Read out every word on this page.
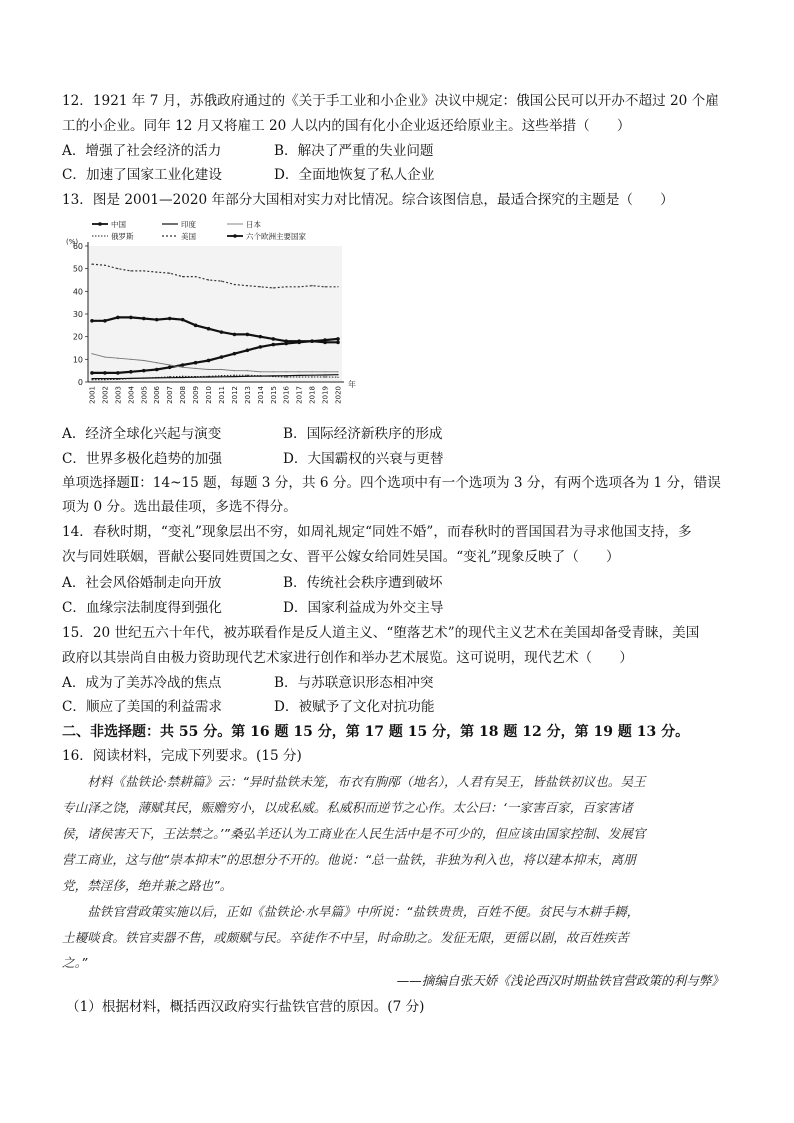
12．1921 年 7 月，苏俄政府通过的《关于手工业和小企业》决议中规定：俄国公民可以开办不超过 20 个雇
工的小企业。同年 12 月又将雇工 20 人以内的国有化小企业返还给原业主。这些举措（　　）
A．增强了社会经济的活力	B．解决了严重的失业问题
C．加速了国家工业化建设	D．全面地恢复了私人企业
13．图是 2001—2020 年部分大国相对实力对比情况。综合该图信息，最适合探究的主题是（　　）
中国	印度	日本
俄罗斯	美国	六个欧洲主要国家
0
10
20
30
40
50
60
(%)
2001 2002 2003 2004 2005 2006 2007 2008 2009 2010 2011 2012 2013 2014 2015 2016 2017 2018 2019 2020
年
A．经济全球化兴起与演变	B．国际经济新秩序的形成
C．世界多极化趋势的加强	D．大国霸权的兴衰与更替
单项选择题Ⅱ：14~15 题，每题 3 分，共 6 分。四个选项中有一个选项为 3 分，有两个选项各为 1 分，错误
项为 0 分。选出最佳项，多选不得分。
14．春秋时期，“变礼”现象层出不穷，如周礼规定“同姓不婚”，而春秋时的晋国国君为寻求他国支持，多
次与同姓联姻，晋献公娶同姓贾国之女、晋平公嫁女给同姓吴国。“变礼”现象反映了（　　）
A．社会风俗婚制走向开放	B．传统社会秩序遭到破坏
C．血缘宗法制度得到强化	D．国家利益成为外交主导
15．20 世纪五六十年代，被苏联看作是反人道主义、“堕落艺术”的现代主义艺术在美国却备受青睐，美国
政府以其崇尚自由极力资助现代艺术家进行创作和举办艺术展览。这可说明，现代艺术（　　）
A．成为了美苏冷战的焦点	B．与苏联意识形态相冲突
C．顺应了美国的利益需求	D．被赋予了文化对抗功能
二、非选择题：共 55 分。第 16 题 15 分，第 17 题 15 分，第 18 题 12 分，第 19 题 13 分。
16．阅读材料，完成下列要求。(15 分)
　　材料《盐铁论·禁耕篇》云：“异时盐铁未笼，布衣有朐邴（地名），人君有吴王，皆盐铁初议也。吴王
专山泽之饶，薄赋其民，赈赡穷小，以成私威。私威积而逆节之心作。太公曰：‘一家害百家，百家害诸
侯，诸侯害天下，王法禁之。’”桑弘羊还认为工商业在人民生活中是不可少的，但应该由国家控制、发展官
营工商业，这与他“崇本抑末”的思想分不开的。他说：“总一盐铁，非独为利入也，将以建本抑末，离朋
党，禁淫侈，绝并兼之路也”。
　　盐铁官营政策实施以后，正如《盐铁论·水旱篇》中所说：“盐铁贵贵，百姓不便。贫民与木耕手耨，
土耰啖食。铁官卖器不售，或颇赋与民。卒徒作不中呈，时命助之。发征无限，更徭以剧，故百姓疾苦
之。”
——摘编自张天娇《浅论西汉时期盐铁官营政策的利与弊》
（1）根据材料，概括西汉政府实行盐铁官营的原因。(7 分)
